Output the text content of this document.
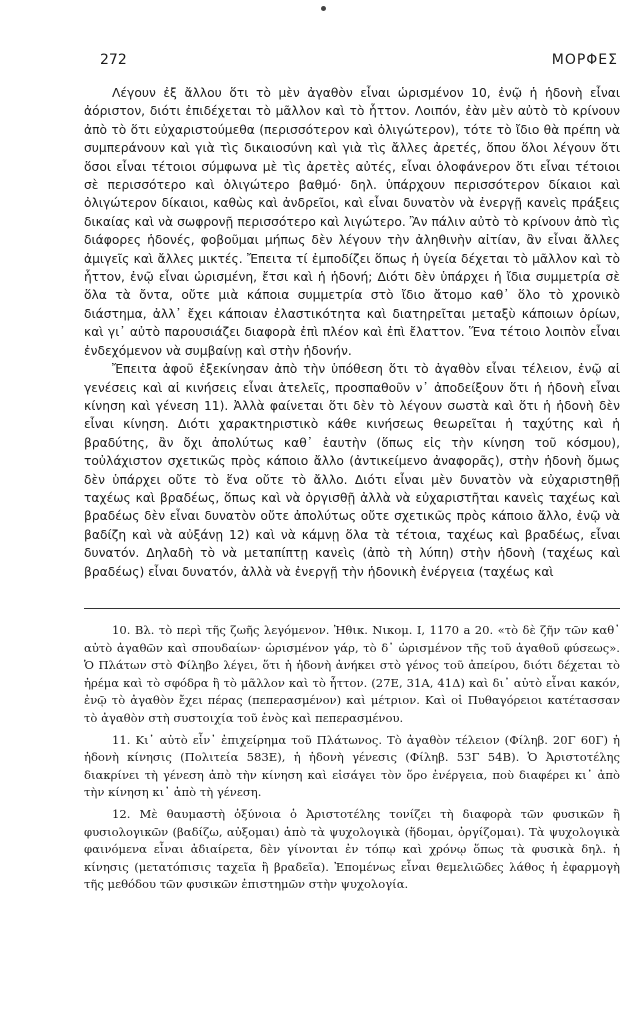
272	ΜΟΡΦΕΣ

Λέγουν ἐξ ἄλλου ὅτι τὸ μὲν ἀγαθὸν εἶναι ὡρισμένον 10, ἐνῷ ἡ ἡδονὴ εἶναι ἀόριστον, διότι ἐπιδέχεται τὸ μᾶλλον καὶ τὸ ἧττον. Λοιπόν, ἐὰν μὲν αὐτὸ τὸ κρίνουν ἀπὸ τὸ ὅτι εὐχαριστούμεθα (περισσότερον καὶ ὀλιγώτερον), τότε τὸ ἴδιο θὰ πρέπη νὰ συμπεράνουν καὶ γιὰ τὶς δικαιοσύνη καὶ γιὰ τὶς ἄλλες ἀρετές, ὅπου ὅλοι λέγουν ὅτι ὅσοι εἶναι τέτοιοι σύμφωνα μὲ τὶς ἀρετὲς αὐτές, εἶναι ὁλοφάνερον ὅτι εἶναι τέτοιοι σὲ περισσότερο καὶ ὀλιγώτερο βαθμό· δηλ. ὑπάρχουν περισσότερον δίκαιοι καὶ ὀλιγώτερον δίκαιοι, καθὼς καὶ ἀνδρεῖοι, καὶ εἶναι δυνατὸν νὰ ἐνεργῇ κανεὶς πράξεις δικαίας καὶ νὰ σωφρονῇ περισσότερο καὶ λιγώτερο. Ἂν πάλιν αὐτὸ τὸ κρίνουν ἀπὸ τὶς διάφορες ἡδονές, φοβοῦμαι μήπως δὲν λέγουν τὴν ἀληθινὴν αἰτίαν, ἂν εἶναι ἄλλες ἀμιγεῖς καὶ ἄλλες μικτές. Ἔπειτα τί ἐμποδίζει ὅπως ἡ ὑγεία δέχεται τὸ μᾶλλον καὶ τὸ ἧττον, ἐνῷ εἶναι ὡρισμένη, ἔτσι καὶ ἡ ἡδονή; Διότι δὲν ὑπάρχει ἡ ἴδια συμμετρία σὲ ὅλα τὰ ὄντα, οὔτε μιὰ κάποια συμμετρία στὸ ἴδιο ἄτομο καθ᾽ ὅλο τὸ χρονικὸ διάστημα, ἀλλ᾽ ἔχει κάποιαν ἐλαστικότητα καὶ διατηρεῖται μεταξὺ κάποιων ὁρίων, καὶ γι᾽ αὐτὸ παρουσιάζει διαφορὰ ἐπὶ πλέον καὶ ἐπὶ ἔλαττον. Ἕνα τέτοιο λοιπὸν εἶναι ἐνδεχόμενον νὰ συμβαίνῃ καὶ στὴν ἡδονήν.

Ἔπειτα ἀφοῦ ἐξεκίνησαν ἀπὸ τὴν ὑπόθεση ὅτι τὸ ἀγαθὸν εἶναι τέλειον, ἐνῷ αἱ γενέσεις καὶ αἱ κινήσεις εἶναι ἀτελεῖς, προσπαθοῦν ν᾽ ἀποδείξουν ὅτι ἡ ἡδονὴ εἶναι κίνηση καὶ γένεση 11). Ἀλλὰ φαίνεται ὅτι δὲν τὸ λέγουν σωστὰ καὶ ὅτι ἡ ἡδονὴ δὲν εἶναι κίνηση. Διότι χαρακτηριστικὸ κάθε κινήσεως θεωρεῖται ἡ ταχύτης καὶ ἡ βραδύτης, ἂν ὄχι ἀπολύτως καθ᾽ ἑαυτὴν (ὅπως εἰς τὴν κίνηση τοῦ κόσμου), τοὐλάχιστον σχετικῶς πρὸς κάποιο ἄλλο (ἀντικείμενο ἀναφορᾶς), στὴν ἡδονὴ ὅμως δὲν ὑπάρχει οὔτε τὸ ἕνα οὔτε τὸ ἄλλο. Διότι εἶναι μὲν δυνατὸν νὰ εὐχαριστηθῇ ταχέως καὶ βραδέως, ὅπως καὶ νὰ ὀργισθῇ ἀλλὰ νὰ εὐχαριστῆται κανεὶς ταχέως καὶ βραδέως δὲν εἶναι δυνατὸν οὔτε ἀπολύτως οὔτε σχετικῶς πρὸς κάποιο ἄλλο, ἐνῷ νὰ βαδίζη καὶ νὰ αὐξάνῃ 12) καὶ νὰ κάμνῃ ὅλα τὰ τέτοια, ταχέως καὶ βραδέως, εἶναι δυνατόν. Δηλαδὴ τὸ νὰ μεταπίπτῃ κανεὶς (ἀπὸ τὴ λύπη) στὴν ἡδονὴ (ταχέως καὶ βραδέως) εἶναι δυνατόν, ἀλλὰ νὰ ἐνεργῇ τὴν ἡδονικὴ ἐνέργεια (ταχέως καὶ

10. Βλ. τὸ περὶ τῆς ζωῆς λεγόμενον. Ἠθικ. Νικομ. I, 1170 a 20. «τὸ δὲ ζῆν τῶν καθ᾽ αὐτὸ ἀγαθῶν καὶ σπουδαίων· ὡρισμένον γάρ, τὸ δ᾽ ὡρισμένον τῆς τοῦ ἀγαθοῦ φύσεως». Ὁ Πλάτων στὸ Φίληβο λέγει, ὅτι ἡ ἡδονὴ ἀνήκει στὸ γένος τοῦ ἀπείρου, διότι δέχεται τὸ ἠρέμα καὶ τὸ σφόδρα ἢ τὸ μᾶλλον καὶ τὸ ἧττον. (27Ε, 31Α, 41Δ) καὶ δι᾽ αὐτὸ εἶναι κακόν, ἐνῷ τὸ ἀγαθὸν ἔχει πέρας (πεπερασμένον) καὶ μέτριον. Καὶ οἱ Πυθαγόρειοι κατέτασσαν τὸ ἀγαθὸν στὴ συστοιχία τοῦ ἑνὸς καὶ πεπερασμένου.

11. Κι᾽ αὐτὸ εἶν᾽ ἐπιχείρημα τοῦ Πλάτωνος. Τὸ ἀγαθὸν τέλειον (Φίληβ. 20Γ 60Γ) ἡ ἡδονὴ κίνησις (Πολιτεία 583Ε), ἡ ἡδονὴ γένεσις (Φίληβ. 53Γ 54Β). Ὁ Ἀριστοτέλης διακρίνει τὴ γένεση ἀπὸ τὴν κίνηση καὶ εἰσάγει τὸν ὅρο ἐνέργεια, ποὺ διαφέρει κι᾽ ἀπὸ τὴν κίνηση κι᾽ ἀπὸ τὴ γένεση.

12. Μὲ θαυμαστὴ ὀξύνοια ὁ Ἀριστοτέλης τονίζει τὴ διαφορὰ τῶν φυσικῶν ἢ φυσιολογικῶν (βαδίζω, αὐξομαι) ἀπὸ τὰ ψυχολογικὰ (ἥδομαι, ὀργίζομαι). Τὰ ψυχολογικὰ φαινόμενα εἶναι ἀδιαίρετα, δὲν γίνονται ἐν τόπῳ καὶ χρόνῳ ὅπως τὰ φυσικὰ δηλ. ἡ κίνησις (μετατόπισις ταχεῖα ἢ βραδεῖα). Ἐπομένως εἶναι θεμελιῶδες λάθος ἡ ἐφαρμογὴ τῆς μεθόδου τῶν φυσικῶν ἐπιστημῶν στὴν ψυχολογία.
